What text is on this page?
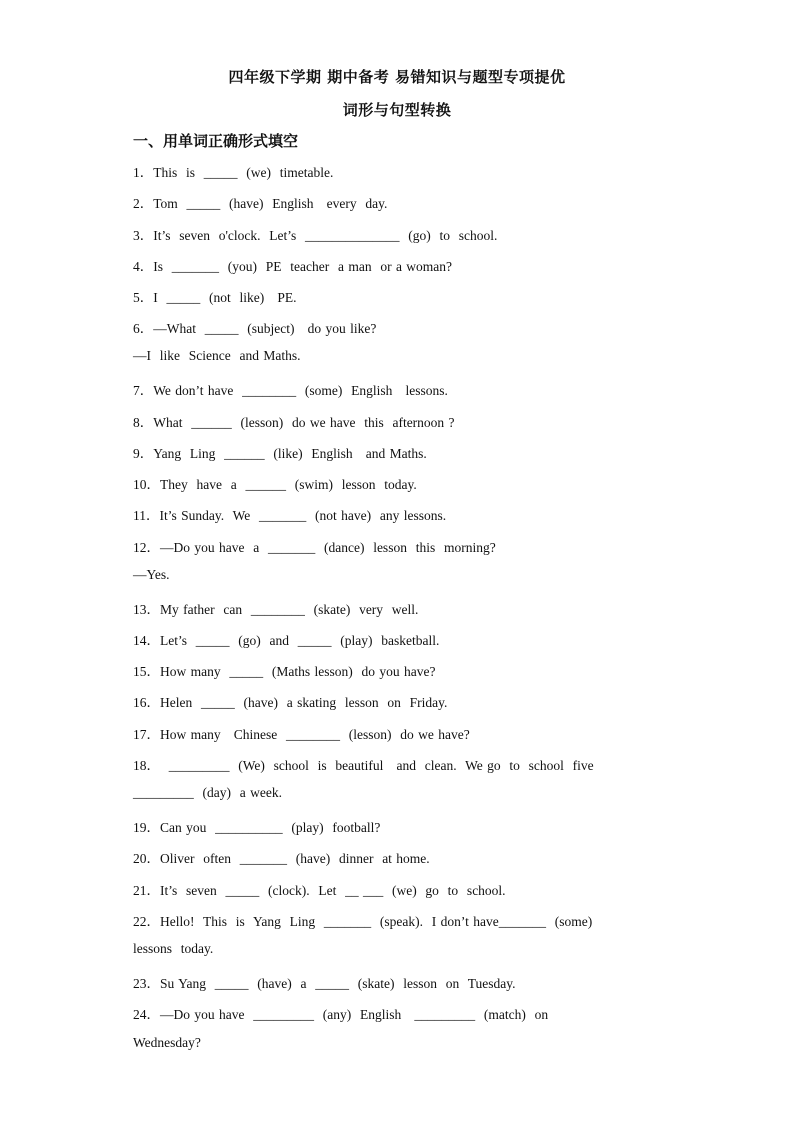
四年级下学期 期中备考 易错知识与题型专项提优
词形与句型转换
一、用单词正确形式填空
1．This  is  _____  (we)  timetable.
2．Tom  _____  (have)  English   every  day.
3．It’s  seven  o'clock.  Let’s  ______________  (go)  to  school.
4．Is  _______  (you)  PE  teacher  a man  or a woman?
5．I  _____  (not  like)   PE.
6．—What  _____  (subject)   do you like?
—I  like  Science  and Maths.
7．We don’t have  ________  (some)  English   lessons.
8．What  ______  (lesson)  do we have  this  afternoon ?
9．Yang  Ling  ______  (like)  English   and Maths.
10．They  have  a  ______  (swim)  lesson  today.
11．It’s Sunday.  We  _______  (not have)  any lessons.
12．—Do you have  a  _______  (dance)  lesson  this  morning?
—Yes.
13．My father  can  ________  (skate)  very  well.
14．Let’s  _____  (go)  and  _____  (play)  basketball.
15．How many  _____  (Maths lesson)  do you have?
16．Helen  _____  (have)  a skating  lesson  on  Friday.
17．How many   Chinese  ________  (lesson)  do we have?
18．  _________  (We)  school  is  beautiful   and  clean.  We go  to  school  five
_________  (day)  a week.
19．Can you  __________  (play)  football?
20．Oliver  often  _______  (have)  dinner  at home.
21．It’s  seven  _____  (clock).  Let  __ ___  (we)  go  to  school.
22．Hello!  This  is  Yang  Ling  _______  (speak).  I don’t have_______  (some)
lessons  today.
23．Su Yang  _____  (have)  a  _____  (skate)  lesson  on  Tuesday.
24．—Do you have  _________  (any)  English   _________  (match)  on
Wednesday?
